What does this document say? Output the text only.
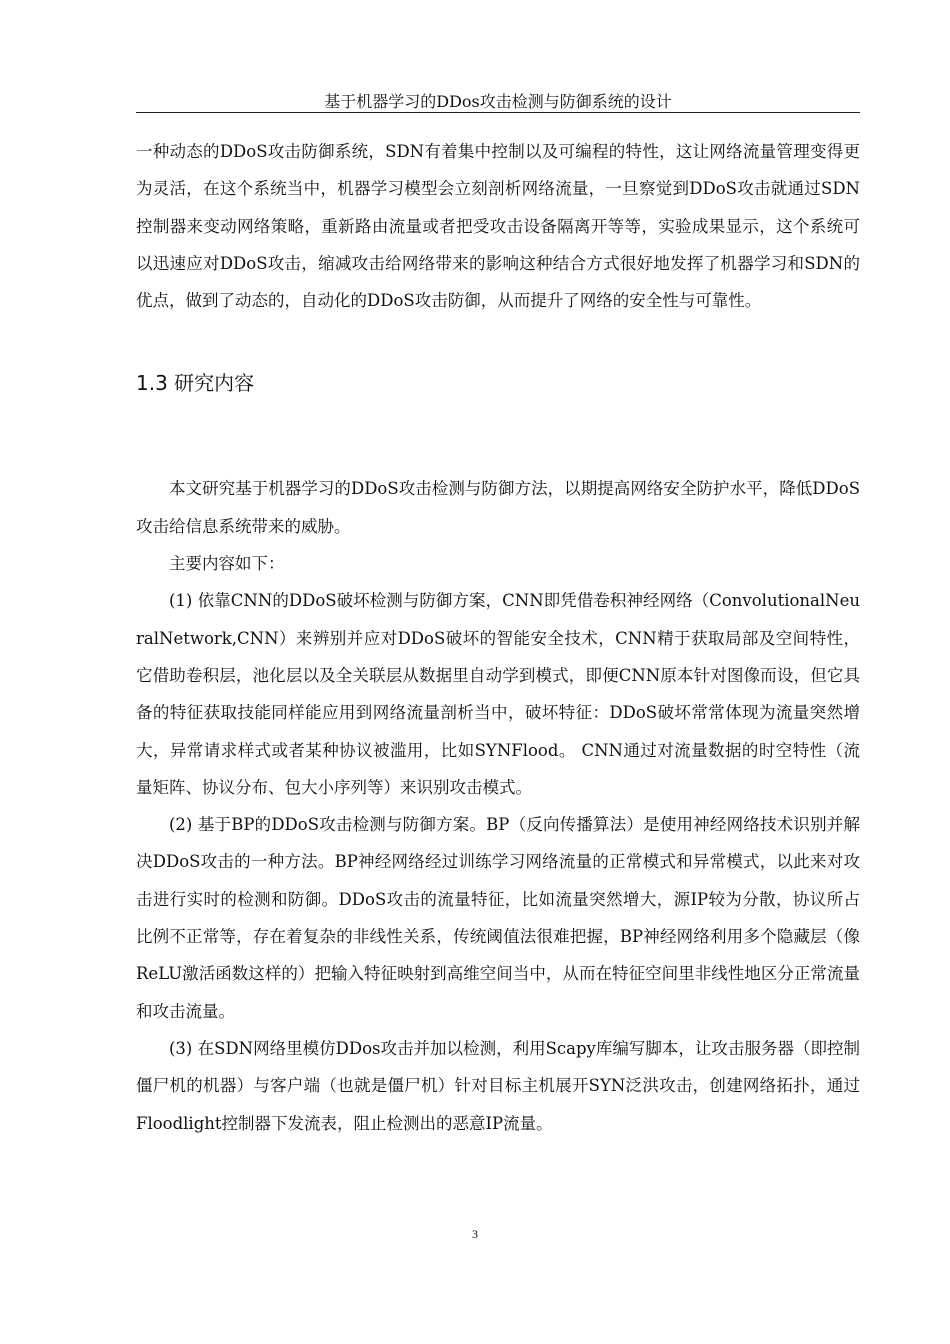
基于机器学习的DDos攻击检测与防御系统的设计

一种动态的DDoS攻击防御系统，SDN有着集中控制以及可编程的特性，这让网络流量管理变得更为灵活，在这个系统当中，机器学习模型会立刻剖析网络流量，一旦察觉到DDoS攻击就通过SDN控制器来变动网络策略，重新路由流量或者把受攻击设备隔离开等等，实验成果显示，这个系统可以迅速应对DDoS攻击，缩减攻击给网络带来的影响这种结合方式很好地发挥了机器学习和SDN的优点，做到了动态的，自动化的DDoS攻击防御，从而提升了网络的安全性与可靠性。

1.3 研究内容

本文研究基于机器学习的DDoS攻击检测与防御方法，以期提高网络安全防护水平，降低DDoS攻击给信息系统带来的威胁。

主要内容如下：

(1) 依靠CNN的DDoS破坏检测与防御方案，CNN即凭借卷积神经网络（ConvolutionalNeuralNetwork,CNN）来辨别并应对DDoS破坏的智能安全技术，CNN精于获取局部及空间特性，它借助卷积层，池化层以及全关联层从数据里自动学到模式，即便CNN原本针对图像而设，但它具备的特征获取技能同样能应用到网络流量剖析当中，破坏特征：DDoS破坏常常体现为流量突然增大，异常请求样式或者某种协议被滥用，比如SYNFlood。 CNN通过对流量数据的时空特性（流量矩阵、协议分布、包大小序列等）来识别攻击模式。

(2) 基于BP的DDoS攻击检测与防御方案。BP（反向传播算法）是使用神经网络技术识别并解决DDoS攻击的一种方法。BP神经网络经过训练学习网络流量的正常模式和异常模式，以此来对攻击进行实时的检测和防御。DDoS攻击的流量特征，比如流量突然增大，源IP较为分散，协议所占比例不正常等，存在着复杂的非线性关系，传统阈值法很难把握，BP神经网络利用多个隐藏层（像ReLU激活函数这样的）把输入特征映射到高维空间当中，从而在特征空间里非线性地区分正常流量和攻击流量。

(3) 在SDN网络里模仿DDos攻击并加以检测，利用Scapy库编写脚本，让攻击服务器（即控制僵尸机的机器）与客户端（也就是僵尸机）针对目标主机展开SYN泛洪攻击，创建网络拓扑，通过Floodlight控制器下发流表，阻止检测出的恶意IP流量。

3
